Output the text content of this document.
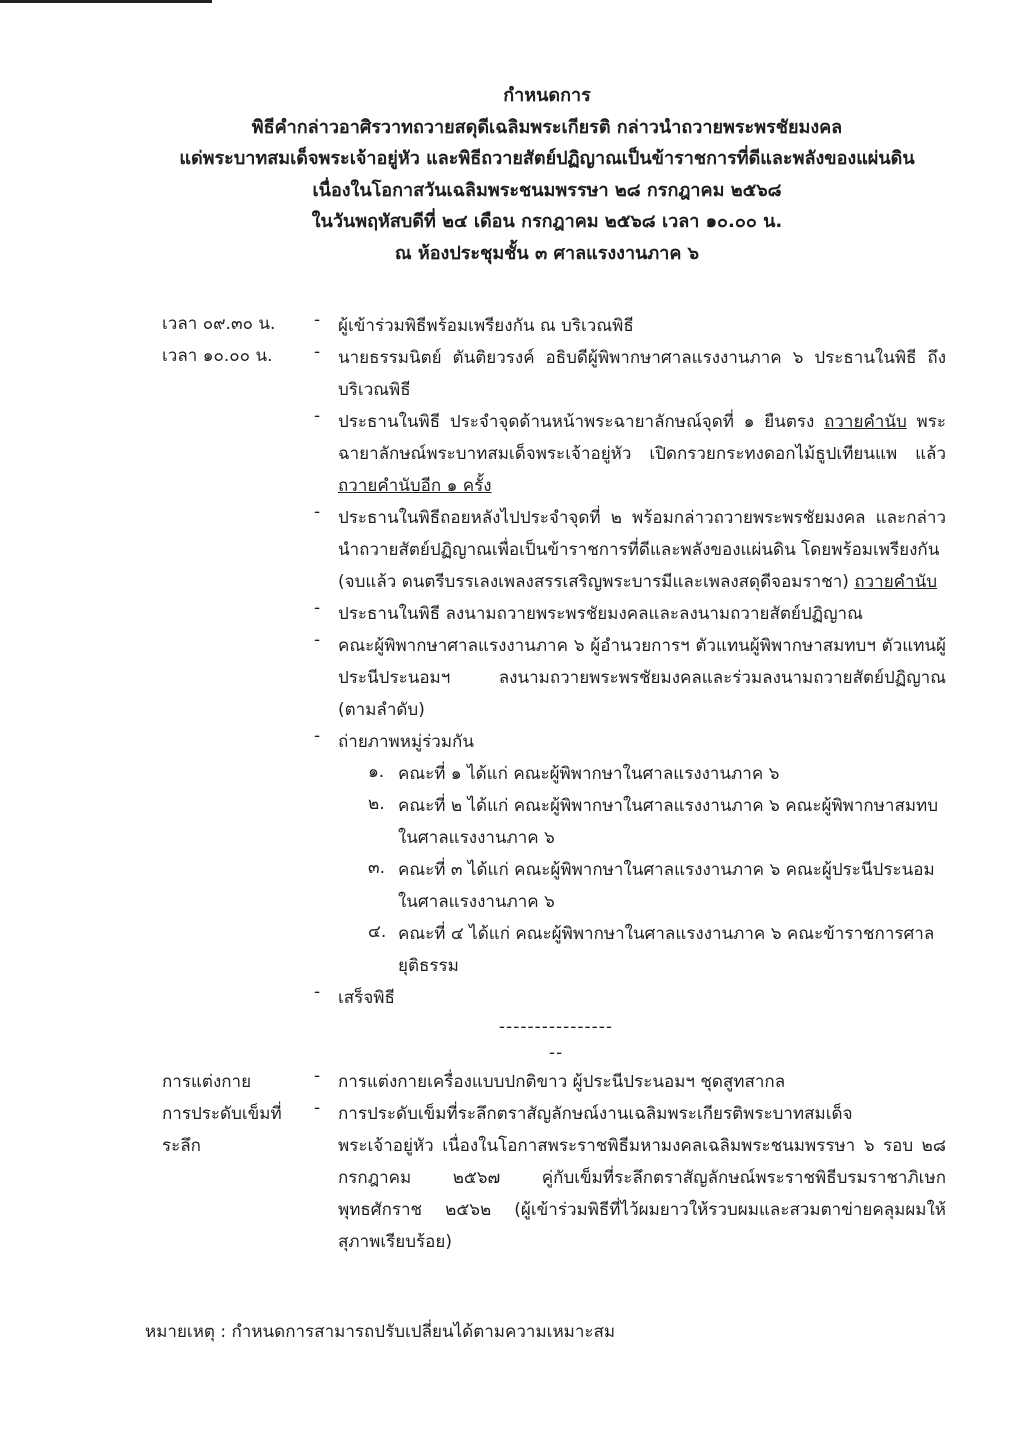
กำหนดการ
พิธีคำกล่าวอาศิรวาทถวายสดุดีเฉลิมพระเกียรติ กล่าวนำถวายพระพรชัยมงคล
แด่พระบาทสมเด็จพระเจ้าอยู่หัว และพิธีถวายสัตย์ปฏิญาณเป็นข้าราชการที่ดีและพลังของแผ่นดิน
เนื่องในโอกาสวันเฉลิมพระชนมพรรษา ๒๘ กรกฎาคม ๒๕๖๘
ในวันพฤหัสบดีที่ ๒๔ เดือน กรกฎาคม ๒๕๖๘ เวลา ๑๐.๐๐ น.
ณ ห้องประชุมชั้น ๓ ศาลแรงงานภาค ๖
เวลา ๐๙.๓๐ น. - ผู้เข้าร่วมพิธีพร้อมเพรียงกัน ณ บริเวณพิธี
เวลา ๑๐.๐๐ น. - นายธรรมนิตย์ ตันติยวรงค์ อธิบดีผู้พิพากษาศาลแรงงานภาค ๖ ประธานในพิธี ถึงบริเวณพิธี
- ประธานในพิธี ประจำจุดด้านหน้าพระฉายาลักษณ์จุดที่ ๑ ยืนตรง ถวายคำนับ พระฉายาลักษณ์พระบาทสมเด็จพระเจ้าอยู่หัว เปิดกรวยกระทงดอกไม้ธูปเทียนแพ แล้ว ถวายคำนับอีก ๑ ครั้ง
- ประธานในพิธีถอยหลังไปประจำจุดที่ ๒ พร้อมกล่าวถวายพระพรชัยมงคล และกล่าวนำถวายสัตย์ปฏิญาณเพื่อเป็นข้าราชการที่ดีและพลังของแผ่นดิน โดยพร้อมเพรียงกัน
(จบแล้ว ดนตรีบรรเลงเพลงสรรเสริญพระบารมีและเพลงสดุดีจอมราชา) ถวายคำนับ
- ประธานในพิธี ลงนามถวายพระพรชัยมงคลและลงนามถวายสัตย์ปฏิญาณ
- คณะผู้พิพากษาศาลแรงงานภาค ๖ ผู้อำนวยการฯ ตัวแทนผู้พิพากษาสมทบฯ ตัวแทนผู้ประนีประนอมฯ ลงนามถวายพระพรชัยมงคลและร่วมลงนามถวายสัตย์ปฏิญาณ (ตามลำดับ)
- ถ่ายภาพหมู่ร่วมกัน
๑. คณะที่ ๑ ได้แก่ คณะผู้พิพากษาในศาลแรงงานภาค ๖
๒. คณะที่ ๒ ได้แก่ คณะผู้พิพากษาในศาลแรงงานภาค ๖ คณะผู้พิพากษาสมทบในศาลแรงงานภาค ๖
๓. คณะที่ ๓ ได้แก่ คณะผู้พิพากษาในศาลแรงงานภาค ๖ คณะผู้ประนีประนอมในศาลแรงงานภาค ๖
๔. คณะที่ ๔ ได้แก่ คณะผู้พิพากษาในศาลแรงงานภาค ๖ คณะข้าราชการศาลยุติธรรม
- เสร็จพิธี
------------------
การแต่งกาย	- การแต่งกายเครื่องแบบปกติขาว ผู้ประนีประนอมฯ ชุดสูทสากล
การประดับเข็มที่ระลึก
- การประดับเข็มที่ระลึกตราสัญลักษณ์งานเฉลิมพระเกียรติพระบาทสมเด็จพระเจ้าอยู่หัว เนื่องในโอกาสพระราชพิธีมหามงคลเฉลิมพระชนมพรรษา ๖ รอบ ๒๘ กรกฎาคม ๒๕๖๗ คู่กับเข็มที่ระลึกตราสัญลักษณ์พระราชพิธีบรมราชาภิเษก พุทธศักราช ๒๕๖๒ (ผู้เข้าร่วมพิธีที่ไว้ผมยาวให้รวบผมและสวมตาข่ายคลุมผมให้สุภาพเรียบร้อย)
หมายเหตุ : กำหนดการสามารถปรับเปลี่ยนได้ตามความเหมาะสม
